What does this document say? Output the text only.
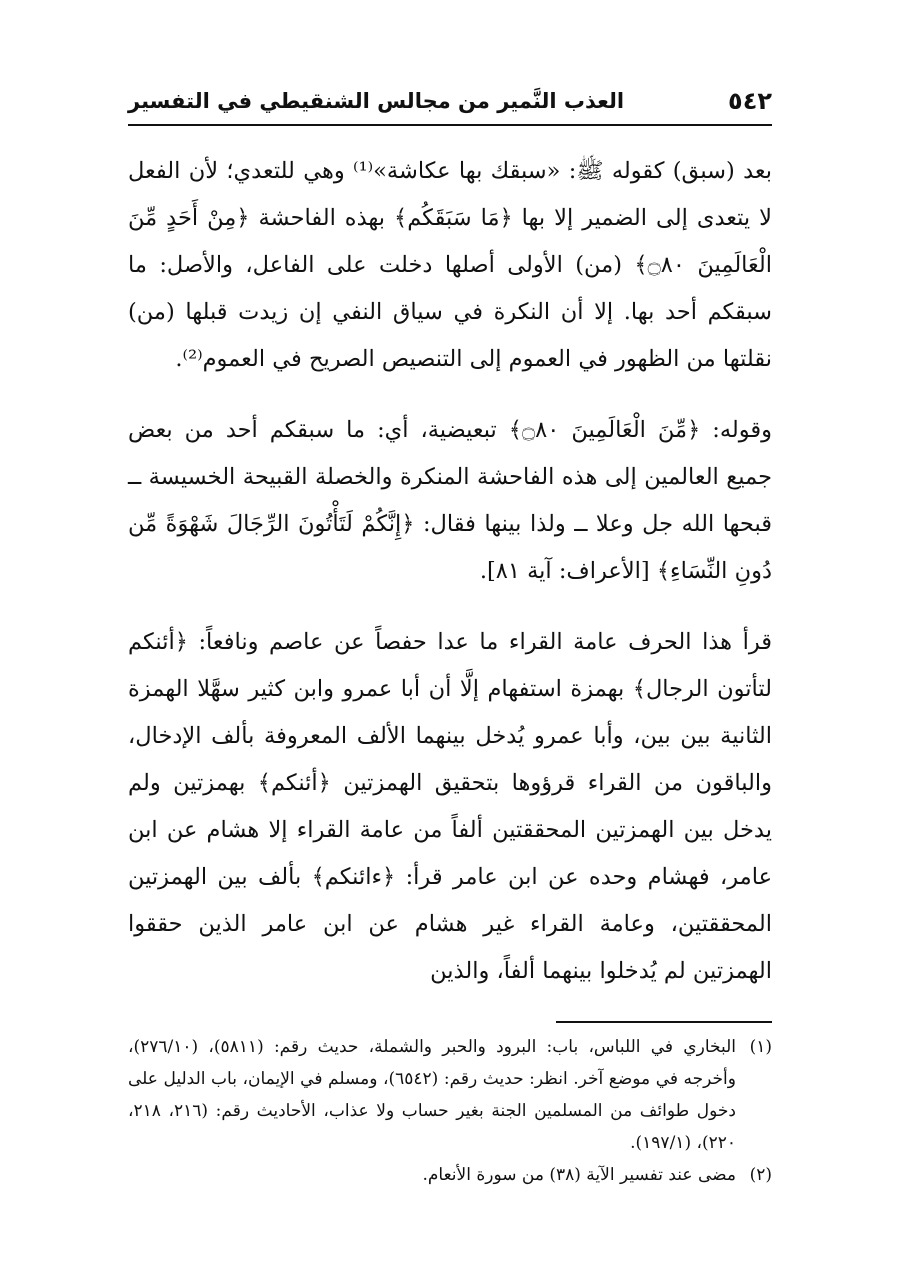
٥٤٢
العذب النَّمير من مجالس الشنقيطي في التفسير

بعد (سبق) كقوله ﷺ: «سبقك بها عكاشة»⁽¹⁾ وهي للتعدي؛ لأن الفعل لا يتعدى إلى الضمير إلا بها ﴿مَا سَبَقَكُم﴾ بهذه الفاحشة ﴿مِنْ أَحَدٍ مِّنَ الْعَالَمِينَ ۝٨٠﴾ (من) الأولى أصلها دخلت على الفاعل، والأصل: ما سبقكم أحد بها. إلا أن النكرة في سياق النفي إن زيدت قبلها (من) نقلتها من الظهور في العموم إلى التنصيص الصريح في العموم⁽²⁾.

وقوله: ﴿مِّنَ الْعَالَمِينَ ۝٨٠﴾ تبعيضية، أي: ما سبقكم أحد من بعض جميع العالمين إلى هذه الفاحشة المنكرة والخصلة القبيحة الخسيسة ــ قبحها الله جل وعلا ــ ولذا بينها فقال: ﴿إِنَّكُمْ لَتَأْتُونَ الرِّجَالَ شَهْوَةً مِّن دُونِ النِّسَاءِ﴾ [الأعراف: آية ٨١].

قرأ هذا الحرف عامة القراء ما عدا حفصاً عن عاصم ونافعاً: ﴿أئنكم لتأتون الرجال﴾ بهمزة استفهام إلَّا أن أبا عمرو وابن كثير سهَّلا الهمزة الثانية بين بين، وأبا عمرو يُدخل بينهما الألف المعروفة بألف الإدخال، والباقون من القراء قرؤوها بتحقيق الهمزتين ﴿أئنكم﴾ بهمزتين ولم يدخل بين الهمزتين المحققتين ألفاً من عامة القراء إلا هشام عن ابن عامر، فهشام وحده عن ابن عامر قرأ: ﴿ءائنكم﴾ بألف بين الهمزتين المحققتين، وعامة القراء غير هشام عن ابن عامر الذين حققوا الهمزتين لم يُدخلوا بينهما ألفاً، والذين

(١)البخاري في اللباس، باب: البرود والحبر والشملة، حديث رقم: (٥٨١١)، (٢٧٦/١٠)، وأخرجه في موضع آخر. انظر: حديث رقم: (٦٥٤٢)، ومسلم في الإيمان، باب الدليل على دخول طوائف من المسلمين الجنة بغير حساب ولا عذاب، الأحاديث رقم: (٢١٦، ٢١٨، ٢٢٠)، (١٩٧/١).

(٢)مضى عند تفسير الآية (٣٨) من سورة الأنعام.
